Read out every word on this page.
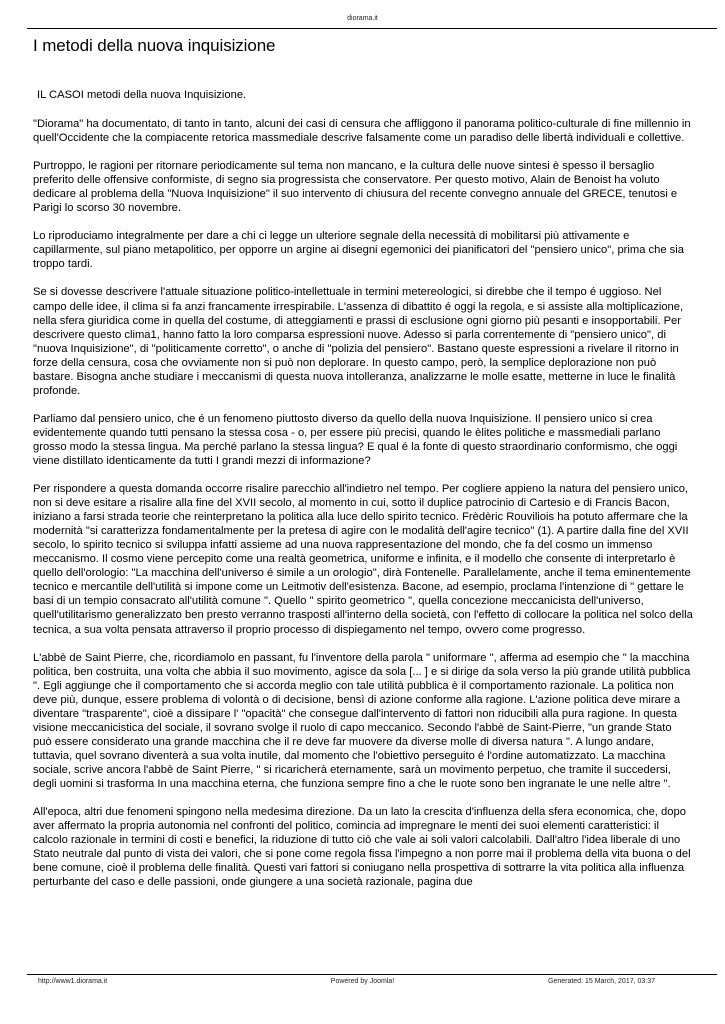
diorama.it
I metodi della nuova inquisizione

IL CASOI metodi della nuova Inquisizione.

"Diorama" ha documentato, di tanto in tanto, alcuni dei casi di censura che affliggono il panorama politico-culturale di fine millennio in quell'Occidente che la compiacente retorica massmediale descrive falsamente come un paradiso delle libertà individuali e collettive.

Purtroppo, le ragioni per ritornare periodicamente sul tema non mancano, e la cultura delle nuove sintesi è spesso il bersaglio preferito delle offensive conformiste, di segno sia progressista che conservatore. Per questo motivo, Alain de Benoist ha voluto dedicare al problema della "Nuova Inquisizione" il suo intervento di chiusura del recente convegno annuale del GRECE, tenutosi e Parigi lo scorso 30 novembre.

Lo riproduciamo integralmente per dare a chi ci legge un ulteriore segnale della necessità di mobilitarsi più attivamente e capillarmente, sul piano metapolitico, per opporre un argine ai disegni egemonici dei pianificatori del "pensiero unico", prima che sia troppo tardi.

Se si dovesse descrivere l'attuale situazione politico-intellettuale in termini metereologici, si direbbe che il tempo é uggioso. Nel campo delle idee, il clima si fa anzi francamente irrespirabile. L'assenza di dibattito é oggi la regola, e si assiste alla moltiplicazione, nella sfera giuridica come in quella del costume, di atteggiamenti e prassi di esclusione ogni giorno più pesanti e insopportabili. Per descrivere questo clima1, hanno fatto la loro comparsa espressioni nuove. Adesso si parla correntemente di "pensiero unico", di "nuova Inquisizione", di "politicamente corretto", o anche di "polizia del pensiero". Bastano queste espressioni a rivelare il ritorno in forze della censura, cosa che ovviamente non si può non deplorare. In questo campo, però, la semplice deplorazione non può bastare. Bisogna anche studiare i meccanismi di questa nuova intolleranza, analizzarne le molle esatte, metterne in luce le finalità profonde.

Parliamo dal pensiero unico, che é un fenomeno piuttosto diverso da quello della nuova Inquisizione. Il pensiero unico si crea evidentemente quando tutti pensano la stessa cosa - o, per essere più precisi, quando le èlites politiche e massmediali parlano grosso modo la stessa lingua. Ma perché parlano la stessa lingua? E qual é la fonte di questo straordinario conformismo, che oggi viene distillato identicamente da tutti I grandi mezzi di informazione?

Per rispondere a questa domanda occorre risalire parecchio all'indietro nel tempo. Per cogliere appieno la natura del pensiero unico, non si deve esitare a risalire alla fine del XVII secolo, al momento in cui, sotto il duplice patrocinio di Cartesio e di Francis Bacon, iniziano a farsi strada teorie che reinterpretano la politica alla luce dello spirito tecnico. Frèdèric Rouviliois ha potuto affermare che la modernità "si caratterizza fondamentalmente per la pretesa di agire con le modalità dell'agire tecnico" (1). A partire dalla fine del XVII secolo, lo spirito tecnico si sviluppa infatti assieme ad una nuova rappresentazione del mondo, che fa del cosmo un immenso meccanismo. Il cosmo viene percepito come una realtà geometrica, uniforme e infinita, e il modello che consente di interpretarlo è quello dell'orologio: "La macchina dell'universo é simile a un orologio", dirà Fontenelle. Parallelamente, anche il tema eminentemente tecnico e mercantile dell'utilità si impone come un Leitmotiv dell'esistenza. Bacone, ad esempio, proclama l'intenzione di " gettare le basi di un tempio consacrato all'utilità comune ". Quello " spirito geometrico ", quella concezione meccanicista dell'universo, quell'utilitarismo generalizzato ben presto verranno trasposti all'interno della società, con l'effetto di collocare la politica nel solco della tecnica, a sua volta pensata attraverso il proprio processo di dispiegamento nel tempo, ovvero come progresso.

L'abbè de Saint Pierre, che, ricordiamolo en passant, fu l'inventore della parola " uniformare ", afferma ad esempio che " la macchina politica, ben costruita, una volta che abbia il suo movimento, agisce da sola [... ] e si dirige da sola verso la più grande utilità pubblica ". Egli aggiunge che il comportamento che si accorda meglio con tale utilità pubblica è il comportamento razionale. La politica non deve più, dunque, essere problema di volontà o di decisione, bensì di azione conforme alla ragione. L'azione politica deve mirare a diventare "trasparente", cioè a dissipare l' "opacità" che consegue dall'intervento di fattori non riducibili alla pura ragione. In questa visione meccanicistica del sociale, il sovrano svolge il ruolo di capo meccanico. Secondo l'abbè de Saint-Pierre, "un grande Stato può essere considerato una grande macchina che il re deve far muovere da diverse molle di diversa natura ". A lungo andare, tuttavia, quel sovrano diventerà a sua volta inutile, dal momento che l'obiettivo perseguito é l'ordine automatizzato. La macchina sociale, scrive ancora l'abbè de Saint Pierre, " si ricaricherà eternamente, sarà un movimento perpetuo, che tramite il succedersi, degli uomini si trasforma In una macchina eterna, che funziona sempre fino a che le ruote sono ben ingranate le une nelle altre ".

All'epoca, altri due fenomeni spingono nella medesima direzione. Da un lato la crescita d'influenza della sfera economica, che, dopo aver affermato la propria autonomia nel confronti del politico, comincia ad impregnare le menti dei suoi elementi caratteristici: il calcolo razionale in termini di costi e benefici, la riduzione di tutto ciò che vale ai soli valori calcolabili. Dall'altro l'idea liberale di uno Stato neutrale dal punto di vista dei valori, che si pone come regola fissa l'impegno a non porre mai il problema della vita buona o del bene comune, cioè il problema delle finalità. Questi vari fattori si coniugano nella prospettiva di sottrarre la vita politica alla influenza perturbante del caso e delle passioni, onde giungere a una società razionale, pagina due

http://www1.diorama.it	Powered by Joomla!	Generated: 15 March, 2017, 03:37
